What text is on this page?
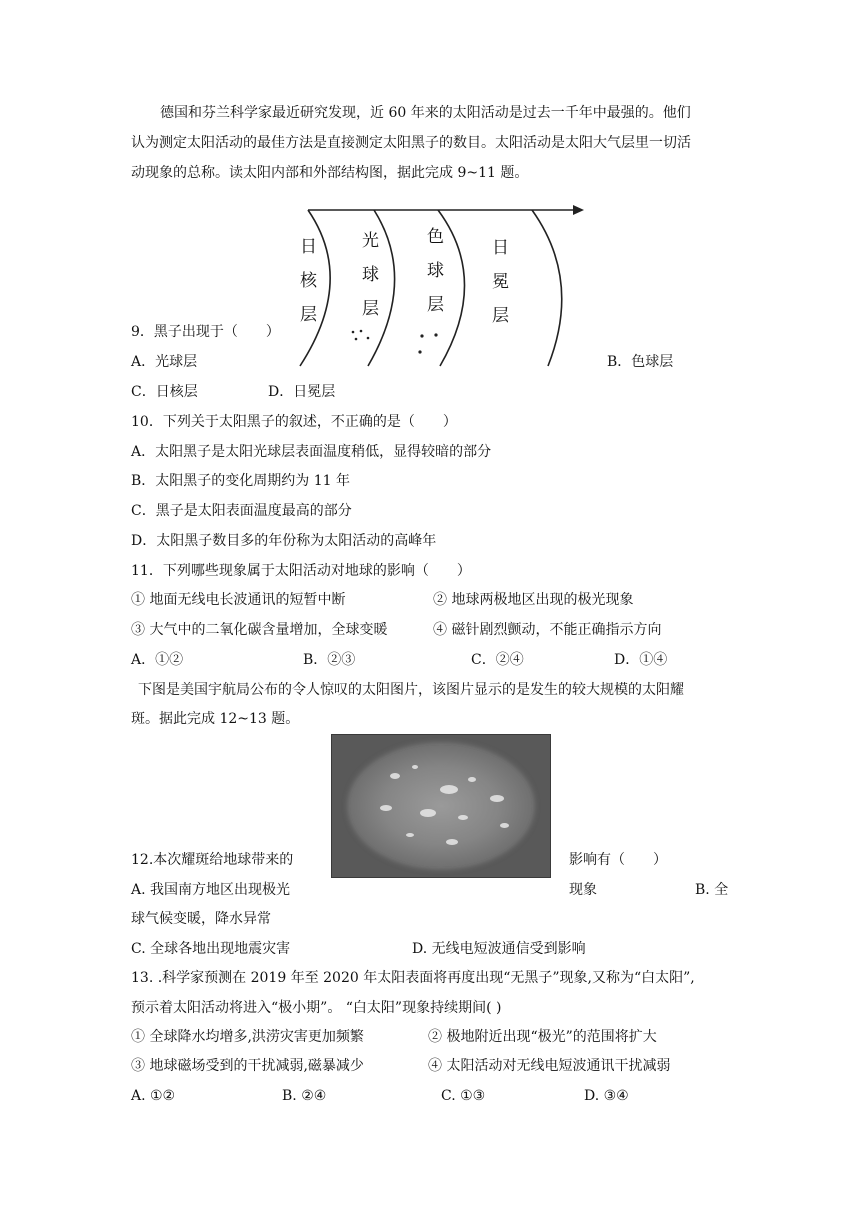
德国和芬兰科学家最近研究发现，近 60 年来的太阳活动是过去一千年中最强的。他们
认为测定太阳活动的最佳方法是直接测定太阳黑子的数目。太阳活动是太阳大气层里一切活
动现象的总称。读太阳内部和外部结构图，据此完成 9~11 题。
日
核
层
光
球
层
色
球
层
日
冕
层
9．黑子出现于（　　）
A．光球层	B．色球层
C．日核层	D．日冕层
10．下列关于太阳黑子的叙述，不正确的是（　　）
A．太阳黑子是太阳光球层表面温度稍低，显得较暗的部分
B．太阳黑子的变化周期约为 11 年
C．黑子是太阳表面温度最高的部分
D．太阳黑子数目多的年份称为太阳活动的高峰年
11．下列哪些现象属于太阳活动对地球的影响（　　）
① 地面无线电长波通讯的短暂中断	② 地球两极地区出现的极光现象
③ 大气中的二氧化碳含量增加，全球变暖	④ 磁针剧烈颤动，不能正确指示方向
A．①②	B．②③	C．②④	D．①④
下图是美国宇航局公布的令人惊叹的太阳图片，该图片显示的是发生的较大规模的太阳耀
斑。据此完成 12~13 题。
12.本次耀斑给地球带来的	影响有（　　）
A. 我国南方地区出现极光	现象	B. 全
球气候变暖，降水异常
C. 全球各地出现地震灾害	D. 无线电短波通信受到影响
13. .科学家预测在 2019 年至 2020 年太阳表面将再度出现“无黑子”现象,又称为“白太阳”,
预示着太阳活动将进入“极小期”。 “白太阳”现象持续期间( )
① 全球降水均增多,洪涝灾害更加频繁	② 极地附近出现“极光”的范围将扩大
③ 地球磁场受到的干扰减弱,磁暴减少	④ 太阳活动对无线电短波通讯干扰减弱
A. ①②	B. ②④	C. ①③	D. ③④
